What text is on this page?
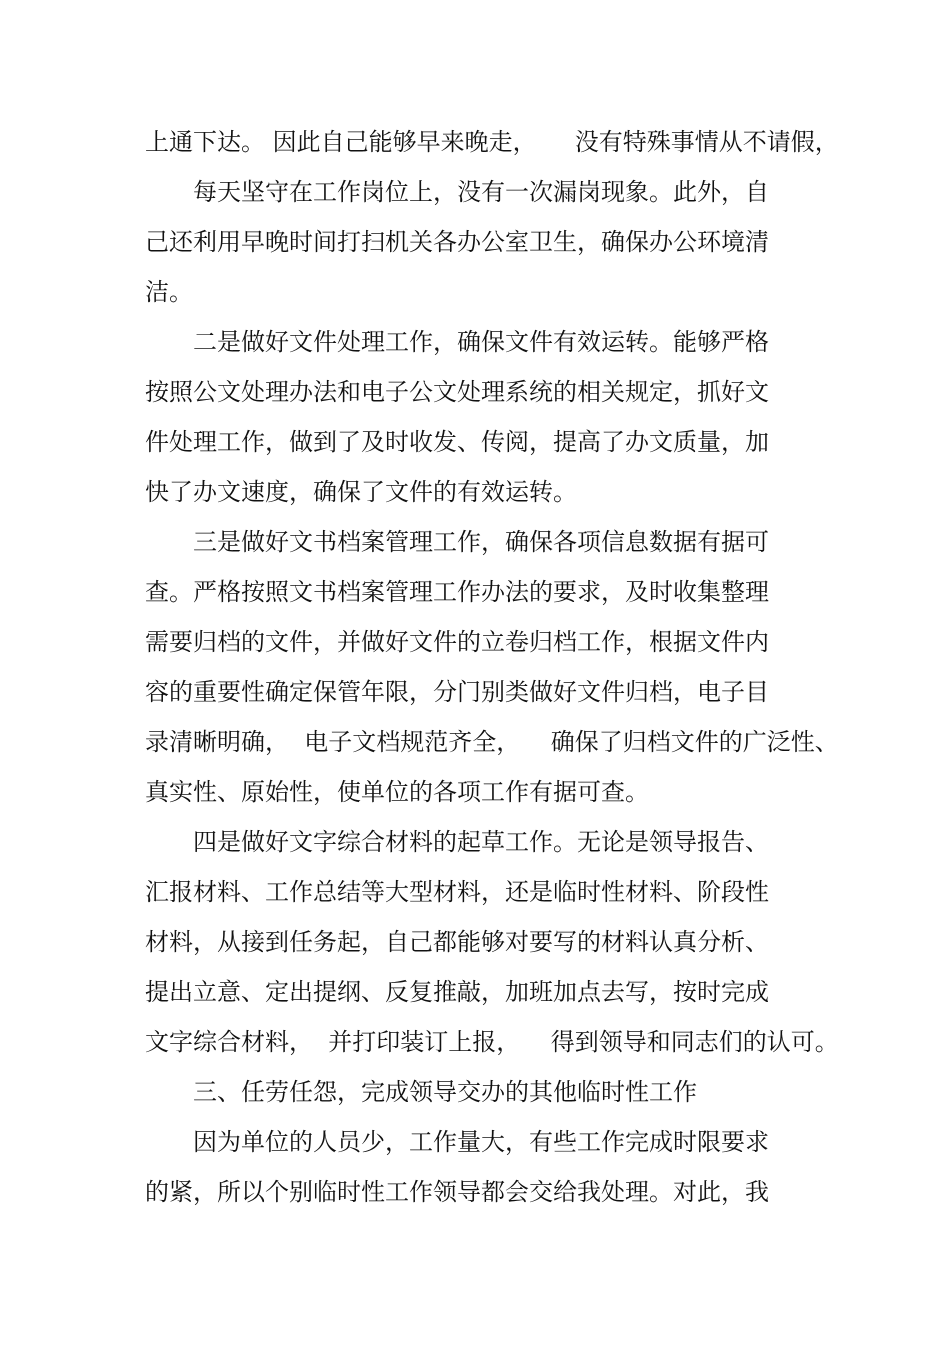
上通下达。 因此自己能够早来晚走，     没有特殊事情从不请假，
每天坚守在工作岗位上，没有一次漏岗现象。此外，自
己还利用早晚时间打扫机关各办公室卫生，确保办公环境清
洁。
二是做好文件处理工作，确保文件有效运转。能够严格
按照公文处理办法和电子公文处理系统的相关规定，抓好文
件处理工作，做到了及时收发、传阅，提高了办文质量，加
快了办文速度，确保了文件的有效运转。
三是做好文书档案管理工作，确保各项信息数据有据可
查。严格按照文书档案管理工作办法的要求，及时收集整理
需要归档的文件，并做好文件的立卷归档工作，根据文件内
容的重要性确定保管年限，分门别类做好文件归档，电子目
录清晰明确，  电子文档规范齐全，    确保了归档文件的广泛性、
真实性、原始性，使单位的各项工作有据可查。
四是做好文字综合材料的起草工作。无论是领导报告、
汇报材料、工作总结等大型材料，还是临时性材料、阶段性
材料，从接到任务起，自己都能够对要写的材料认真分析、
提出立意、定出提纲、反复推敲，加班加点去写，按时完成
文字综合材料，  并打印装订上报，    得到领导和同志们的认可。
三、任劳任怨，完成领导交办的其他临时性工作
因为单位的人员少，工作量大，有些工作完成时限要求
的紧，所以个别临时性工作领导都会交给我处理。对此，我
